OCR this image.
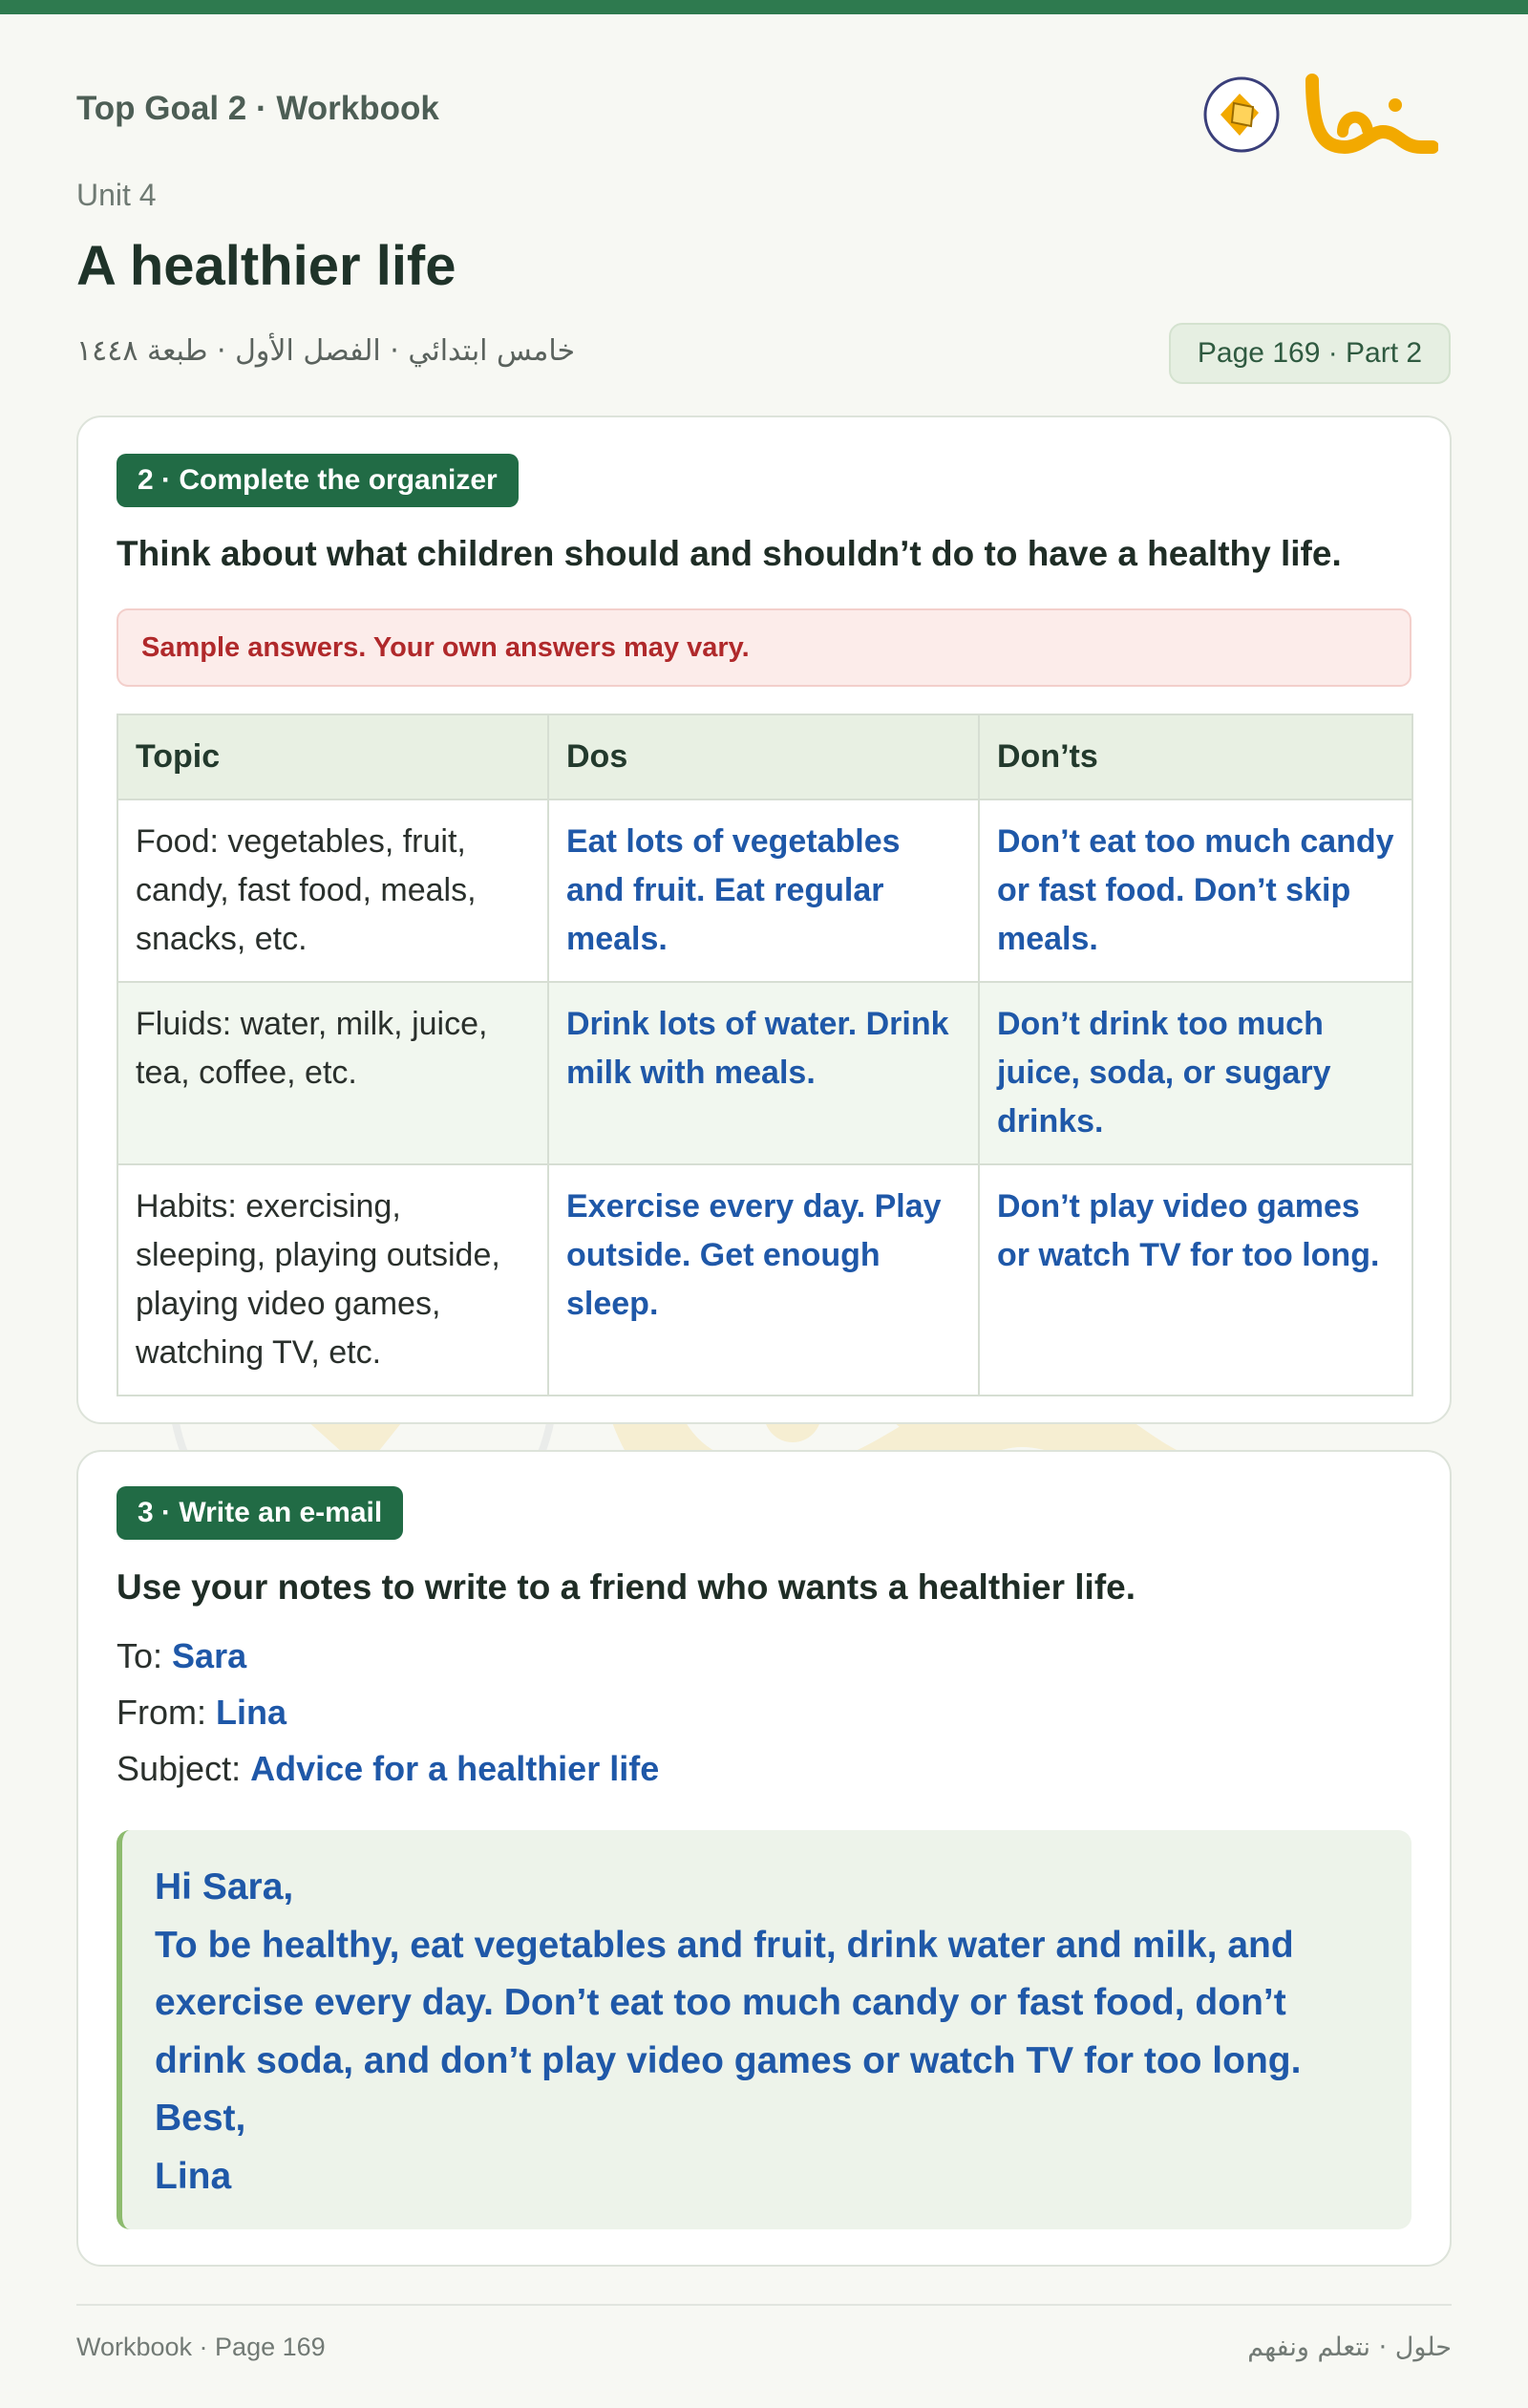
Top Goal 2 · Workbook
Unit 4
A healthier life
خامس ابتدائي · الفصل الأول · طبعة ١٤٤٨	Page 169 · Part 2
2 · Complete the organizer
Think about what children should and shouldn’t do to have a healthy life.
Sample answers. Your own answers may vary.
Topic	Dos	Don’ts
Food: vegetables, fruit, candy, fast food, meals, snacks, etc.	Eat lots of vegetables and fruit. Eat regular meals.	Don’t eat too much candy or fast food. Don’t skip meals.
Fluids: water, milk, juice, tea, coffee, etc.	Drink lots of water. Drink milk with meals.	Don’t drink too much juice, soda, or sugary drinks.
Habits: exercising, sleeping, playing outside, playing video games, watching TV, etc.	Exercise every day. Play outside. Get enough sleep.	Don’t play video games or watch TV for too long.
3 · Write an e-mail
Use your notes to write to a friend who wants a healthier life.
To: Sara
From: Lina
Subject: Advice for a healthier life
Hi Sara,
To be healthy, eat vegetables and fruit, drink water and milk, and
exercise every day. Don’t eat too much candy or fast food, don’t
drink soda, and don’t play video games or watch TV for too long.
Best,
Lina
Workbook · Page 169	حلول · نتعلم ونفهم
